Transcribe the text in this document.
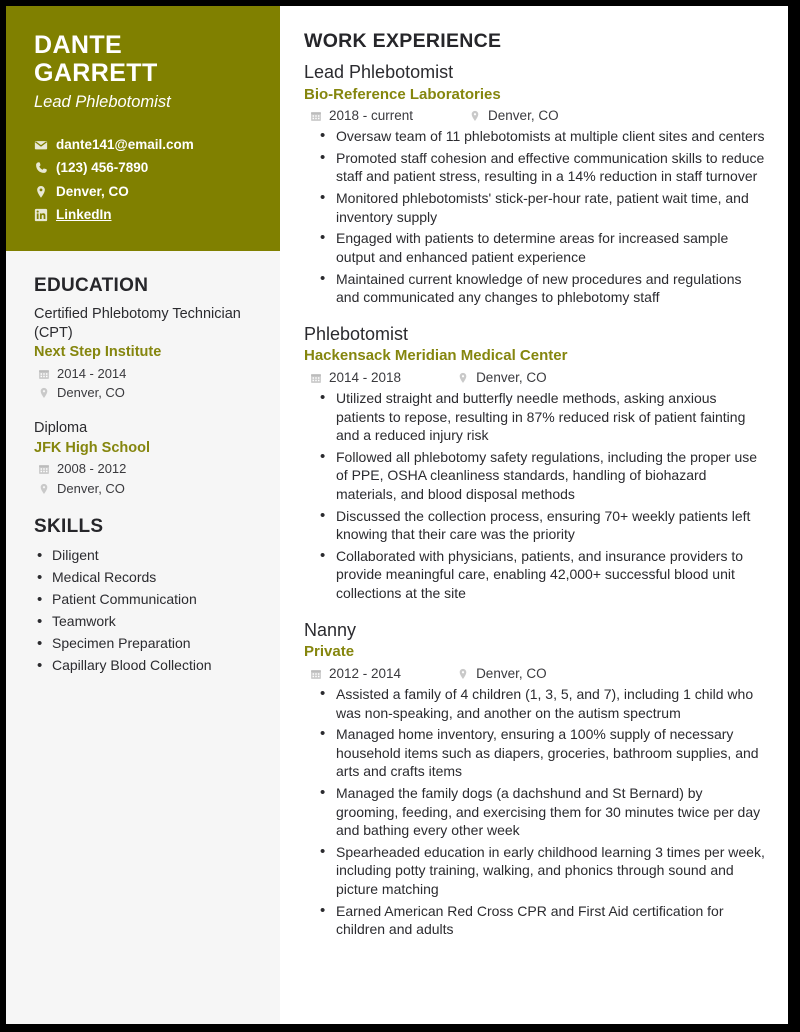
DANTE GARRETT
Lead Phlebotomist
dante141@email.com
(123) 456-7890
Denver, CO
LinkedIn
EDUCATION
Certified Phlebotomy Technician (CPT)
Next Step Institute
2014 - 2014
Denver, CO
Diploma
JFK High School
2008 - 2012
Denver, CO
SKILLS
• Diligent
• Medical Records
• Patient Communication
• Teamwork
• Specimen Preparation
• Capillary Blood Collection
WORK EXPERIENCE
Lead Phlebotomist
Bio-Reference Laboratories
2018 - current	Denver, CO
• Oversaw team of 11 phlebotomists at multiple client sites and centers
• Promoted staff cohesion and effective communication skills to reduce staff and patient stress, resulting in a 14% reduction in staff turnover
• Monitored phlebotomists' stick-per-hour rate, patient wait time, and inventory supply
• Engaged with patients to determine areas for increased sample output and enhanced patient experience
• Maintained current knowledge of new procedures and regulations and communicated any changes to phlebotomy staff
Phlebotomist
Hackensack Meridian Medical Center
2014 - 2018	Denver, CO
• Utilized straight and butterfly needle methods, asking anxious patients to repose, resulting in 87% reduced risk of patient fainting and a reduced injury risk
• Followed all phlebotomy safety regulations, including the proper use of PPE, OSHA cleanliness standards, handling of biohazard materials, and blood disposal methods
• Discussed the collection process, ensuring 70+ weekly patients left knowing that their care was the priority
• Collaborated with physicians, patients, and insurance providers to provide meaningful care, enabling 42,000+ successful blood unit collections at the site
Nanny
Private
2012 - 2014	Denver, CO
• Assisted a family of 4 children (1, 3, 5, and 7), including 1 child who was non-speaking, and another on the autism spectrum
• Managed home inventory, ensuring a 100% supply of necessary household items such as diapers, groceries, bathroom supplies, and arts and crafts items
• Managed the family dogs (a dachshund and St Bernard) by grooming, feeding, and exercising them for 30 minutes twice per day and bathing every other week
• Spearheaded education in early childhood learning 3 times per week, including potty training, walking, and phonics through sound and picture matching
• Earned American Red Cross CPR and First Aid certification for children and adults
